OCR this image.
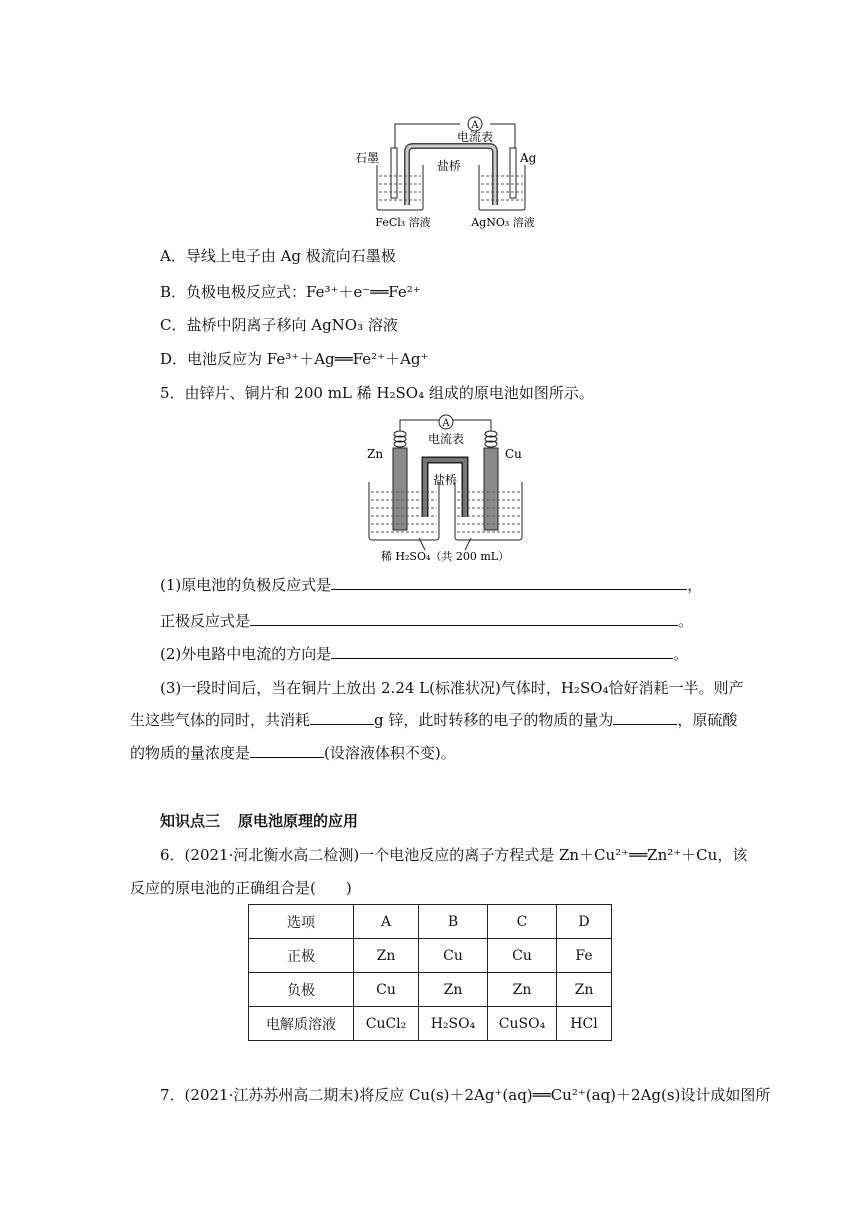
A
电流表
石墨	Ag
盐桥
FeCl₃ 溶液	AgNO₃ 溶液
A．导线上电子由 Ag 极流向石墨极
B．负极电极反应式：Fe³⁺＋e⁻══Fe²⁺
C．盐桥中阴离子移向 AgNO₃ 溶液
D．电池反应为 Fe³⁺＋Ag══Fe²⁺＋Ag⁺
5．由锌片、铜片和 200 mL 稀 H₂SO₄ 组成的原电池如图所示。
A
电流表
Zn	Cu
盐桥
稀 H₂SO₄（共 200 mL）
(1)原电池的负极反应式是	，
正极反应式是	。
(2)外电路中电流的方向是	。
(3)一段时间后，当在铜片上放出 2.24 L(标准状况)气体时，H₂SO₄恰好消耗一半。则产
生这些气体的同时，共消耗	g 锌，此时转移的电子的物质的量为	，原硫酸
的物质的量浓度是	(设溶液体积不变)。
知识点三 原电池原理的应用
6．(2021·河北衡水高二检测)一个电池反应的离子方程式是 Zn＋Cu²⁺══Zn²⁺＋Cu，该
反应的原电池的正确组合是(　　)
选项	A	B	C	D
正极	Zn	Cu	Cu	Fe
负极	Cu	Zn	Zn	Zn
电解质溶液	CuCl₂	H₂SO₄	CuSO₄	HCl
7．(2021·江苏苏州高二期末)将反应 Cu(s)＋2Ag⁺(aq)══Cu²⁺(aq)＋2Ag(s)设计成如图所
